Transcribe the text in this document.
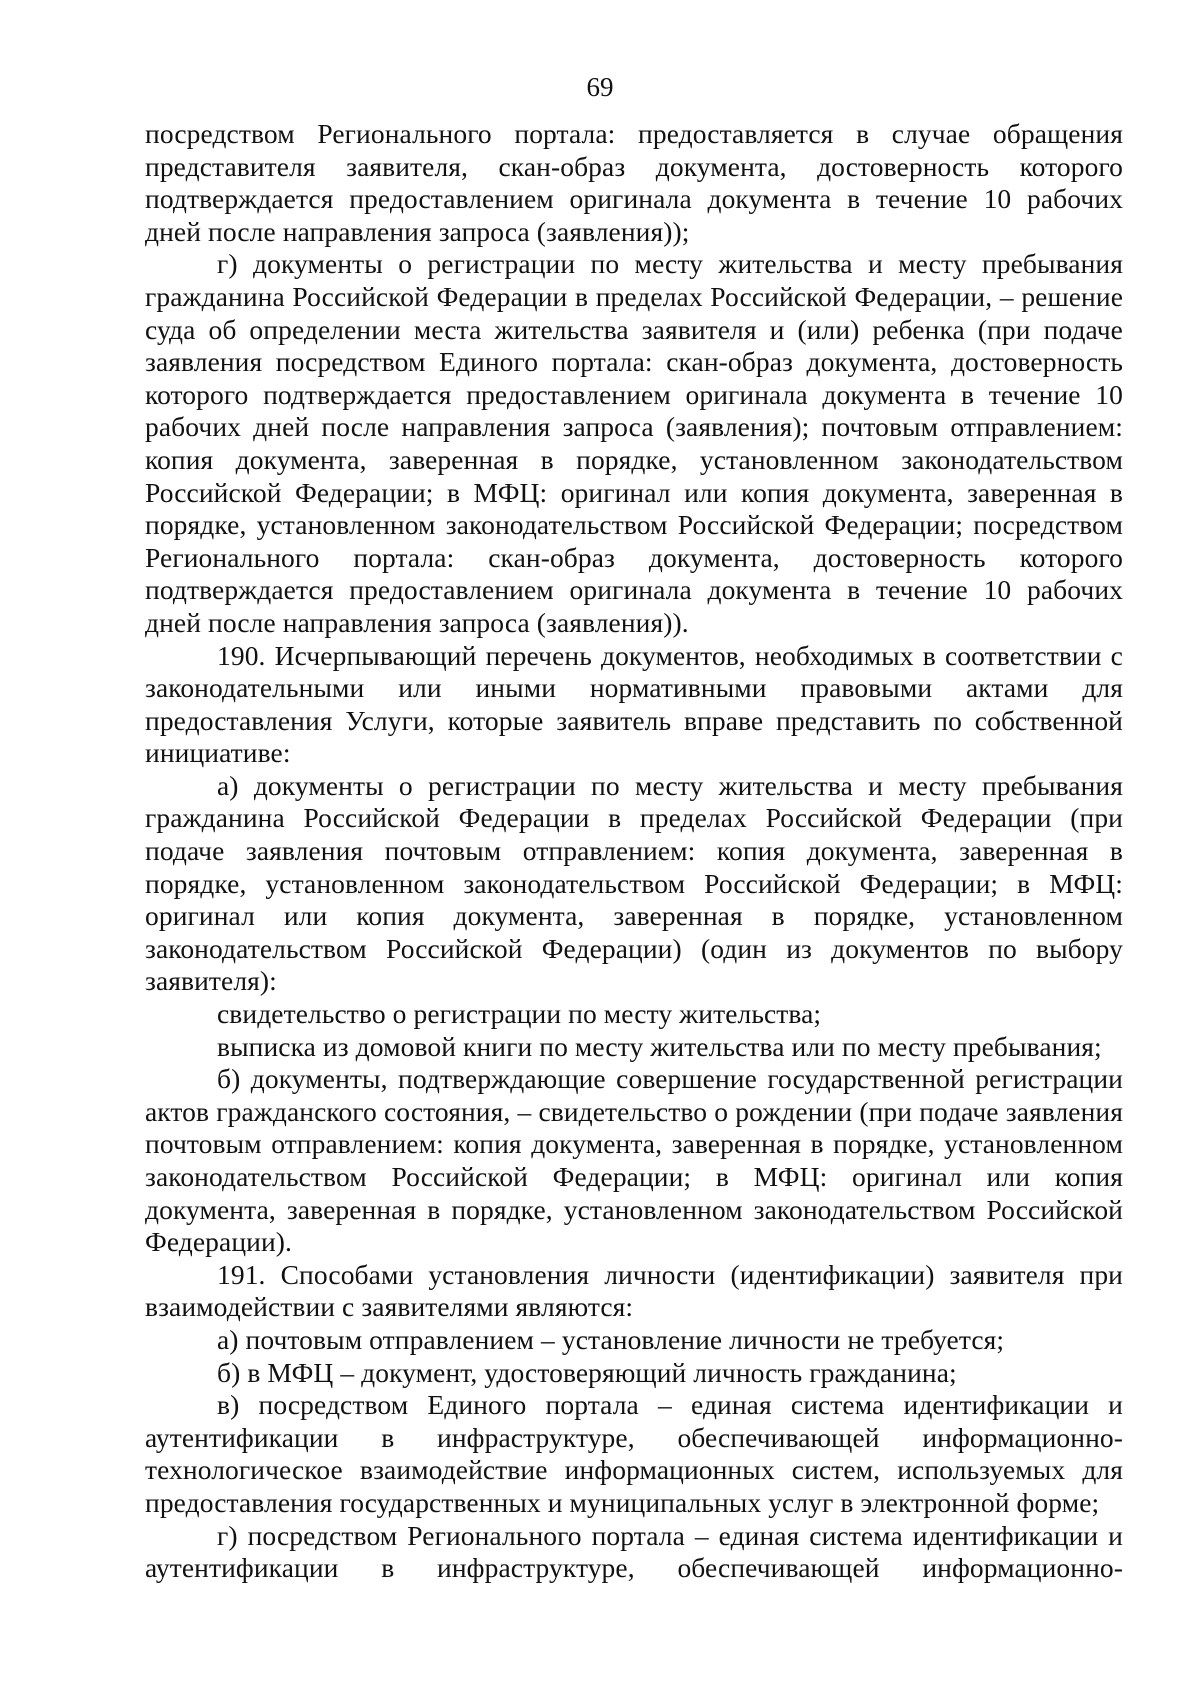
69

посредством Регионального портала: предоставляется в случае обращения представителя заявителя, скан-образ документа, достоверность которого подтверждается предоставлением оригинала документа в течение 10 рабочих дней после направления запроса (заявления));

г) документы о регистрации по месту жительства и месту пребывания гражданина Российской Федерации в пределах Российской Федерации, – решение суда об определении места жительства заявителя и (или) ребенка (при подаче заявления посредством Единого портала: скан-образ документа, достоверность которого подтверждается предоставлением оригинала документа в течение 10 рабочих дней после направления запроса (заявления); почтовым отправлением: копия документа, заверенная в порядке, установленном законодательством Российской Федерации; в МФЦ: оригинал или копия документа, заверенная в порядке, установленном законодательством Российской Федерации; посредством Регионального портала: скан-образ документа, достоверность которого подтверждается предоставлением оригинала документа в течение 10 рабочих дней после направления запроса (заявления)).

190. Исчерпывающий перечень документов, необходимых в соответствии с законодательными или иными нормативными правовыми актами для предоставления Услуги, которые заявитель вправе представить по собственной инициативе:

а) документы о регистрации по месту жительства и месту пребывания гражданина Российской Федерации в пределах Российской Федерации (при подаче заявления почтовым отправлением: копия документа, заверенная в порядке, установленном законодательством Российской Федерации; в МФЦ: оригинал или копия документа, заверенная в порядке, установленном законодательством Российской Федерации) (один из документов по выбору заявителя):

свидетельство о регистрации по месту жительства;

выписка из домовой книги по месту жительства или по месту пребывания;

б) документы, подтверждающие совершение государственной регистрации актов гражданского состояния, – свидетельство о рождении (при подаче заявления почтовым отправлением: копия документа, заверенная в порядке, установленном законодательством Российской Федерации; в МФЦ: оригинал или копия документа, заверенная в порядке, установленном законодательством Российской Федерации).

191. Способами установления личности (идентификации) заявителя при взаимодействии с заявителями являются:

а) почтовым отправлением – установление личности не требуется;

б) в МФЦ – документ, удостоверяющий личность гражданина;

в) посредством Единого портала – единая система идентификации и аутентификации в инфраструктуре, обеспечивающей информационно-технологическое взаимодействие информационных систем, используемых для предоставления государственных и муниципальных услуг в электронной форме;

г) посредством Регионального портала – единая система идентификации и аутентификации в инфраструктуре, обеспечивающей информационно-
